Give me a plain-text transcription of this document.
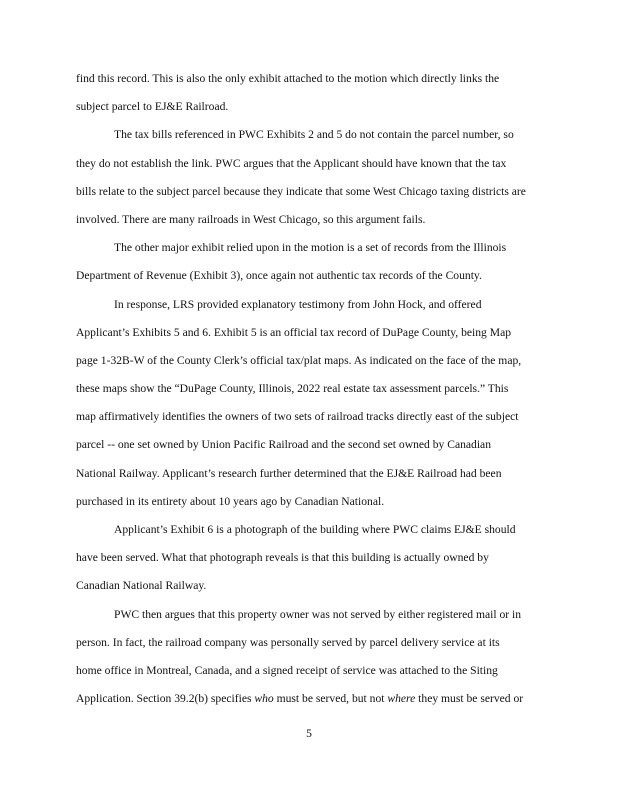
find this record. This is also the only exhibit attached to the motion which directly links the
subject parcel to EJ&E Railroad.
The tax bills referenced in PWC Exhibits 2 and 5 do not contain the parcel number, so
they do not establish the link. PWC argues that the Applicant should have known that the tax
bills relate to the subject parcel because they indicate that some West Chicago taxing districts are
involved. There are many railroads in West Chicago, so this argument fails.
The other major exhibit relied upon in the motion is a set of records from the Illinois
Department of Revenue (Exhibit 3), once again not authentic tax records of the County.
In response, LRS provided explanatory testimony from John Hock, and offered
Applicant’s Exhibits 5 and 6. Exhibit 5 is an official tax record of DuPage County, being Map
page 1-32B-W of the County Clerk’s official tax/plat maps. As indicated on the face of the map,
these maps show the “DuPage County, Illinois, 2022 real estate tax assessment parcels.” This
map affirmatively identifies the owners of two sets of railroad tracks directly east of the subject
parcel -- one set owned by Union Pacific Railroad and the second set owned by Canadian
National Railway. Applicant’s research further determined that the EJ&E Railroad had been
purchased in its entirety about 10 years ago by Canadian National.
Applicant’s Exhibit 6 is a photograph of the building where PWC claims EJ&E should
have been served. What that photograph reveals is that this building is actually owned by
Canadian National Railway.
PWC then argues that this property owner was not served by either registered mail or in
person. In fact, the railroad company was personally served by parcel delivery service at its
home office in Montreal, Canada, and a signed receipt of service was attached to the Siting
Application. Section 39.2(b) specifies who must be served, but not where they must be served or
5
